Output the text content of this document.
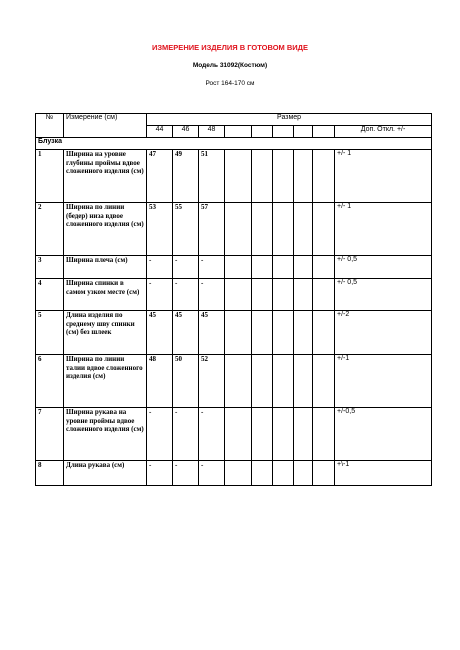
ИЗМЕРЕНИЕ ИЗДЕЛИЯ В ГОТОВОМ ВИДЕ
Модель 31092(Костюм)
Рост 164-170 см
№	Измерение (см)	Размер								
		44	46	48						Доп. Откл. +/-
Блузка										
1	Ширина на уровне глубины проймы вдвое сложенного изделия (см)	47	49	51						+/- 1
2	Ширина по линии (бедер) низа вдвое сложенного изделия (см)	53	55	57						+/- 1
3	Ширина плеча (см)	-	-	-						+/- 0,5
4	Ширина спинки в самом узком месте (см)	-	-	-						+/- 0,5
5	Длина изделия по среднему шву спинки (см) без шлеек	45	45	45						+/-2
6	Ширина по линии талии вдвое сложенного изделия (см)	48	50	52						+/-1
7	Ширина рукава на уровне проймы вдвое сложенного изделия (см)	-	-	-						+/-0,5
8	Длина рукава (см)	-	-	-						+\-1
